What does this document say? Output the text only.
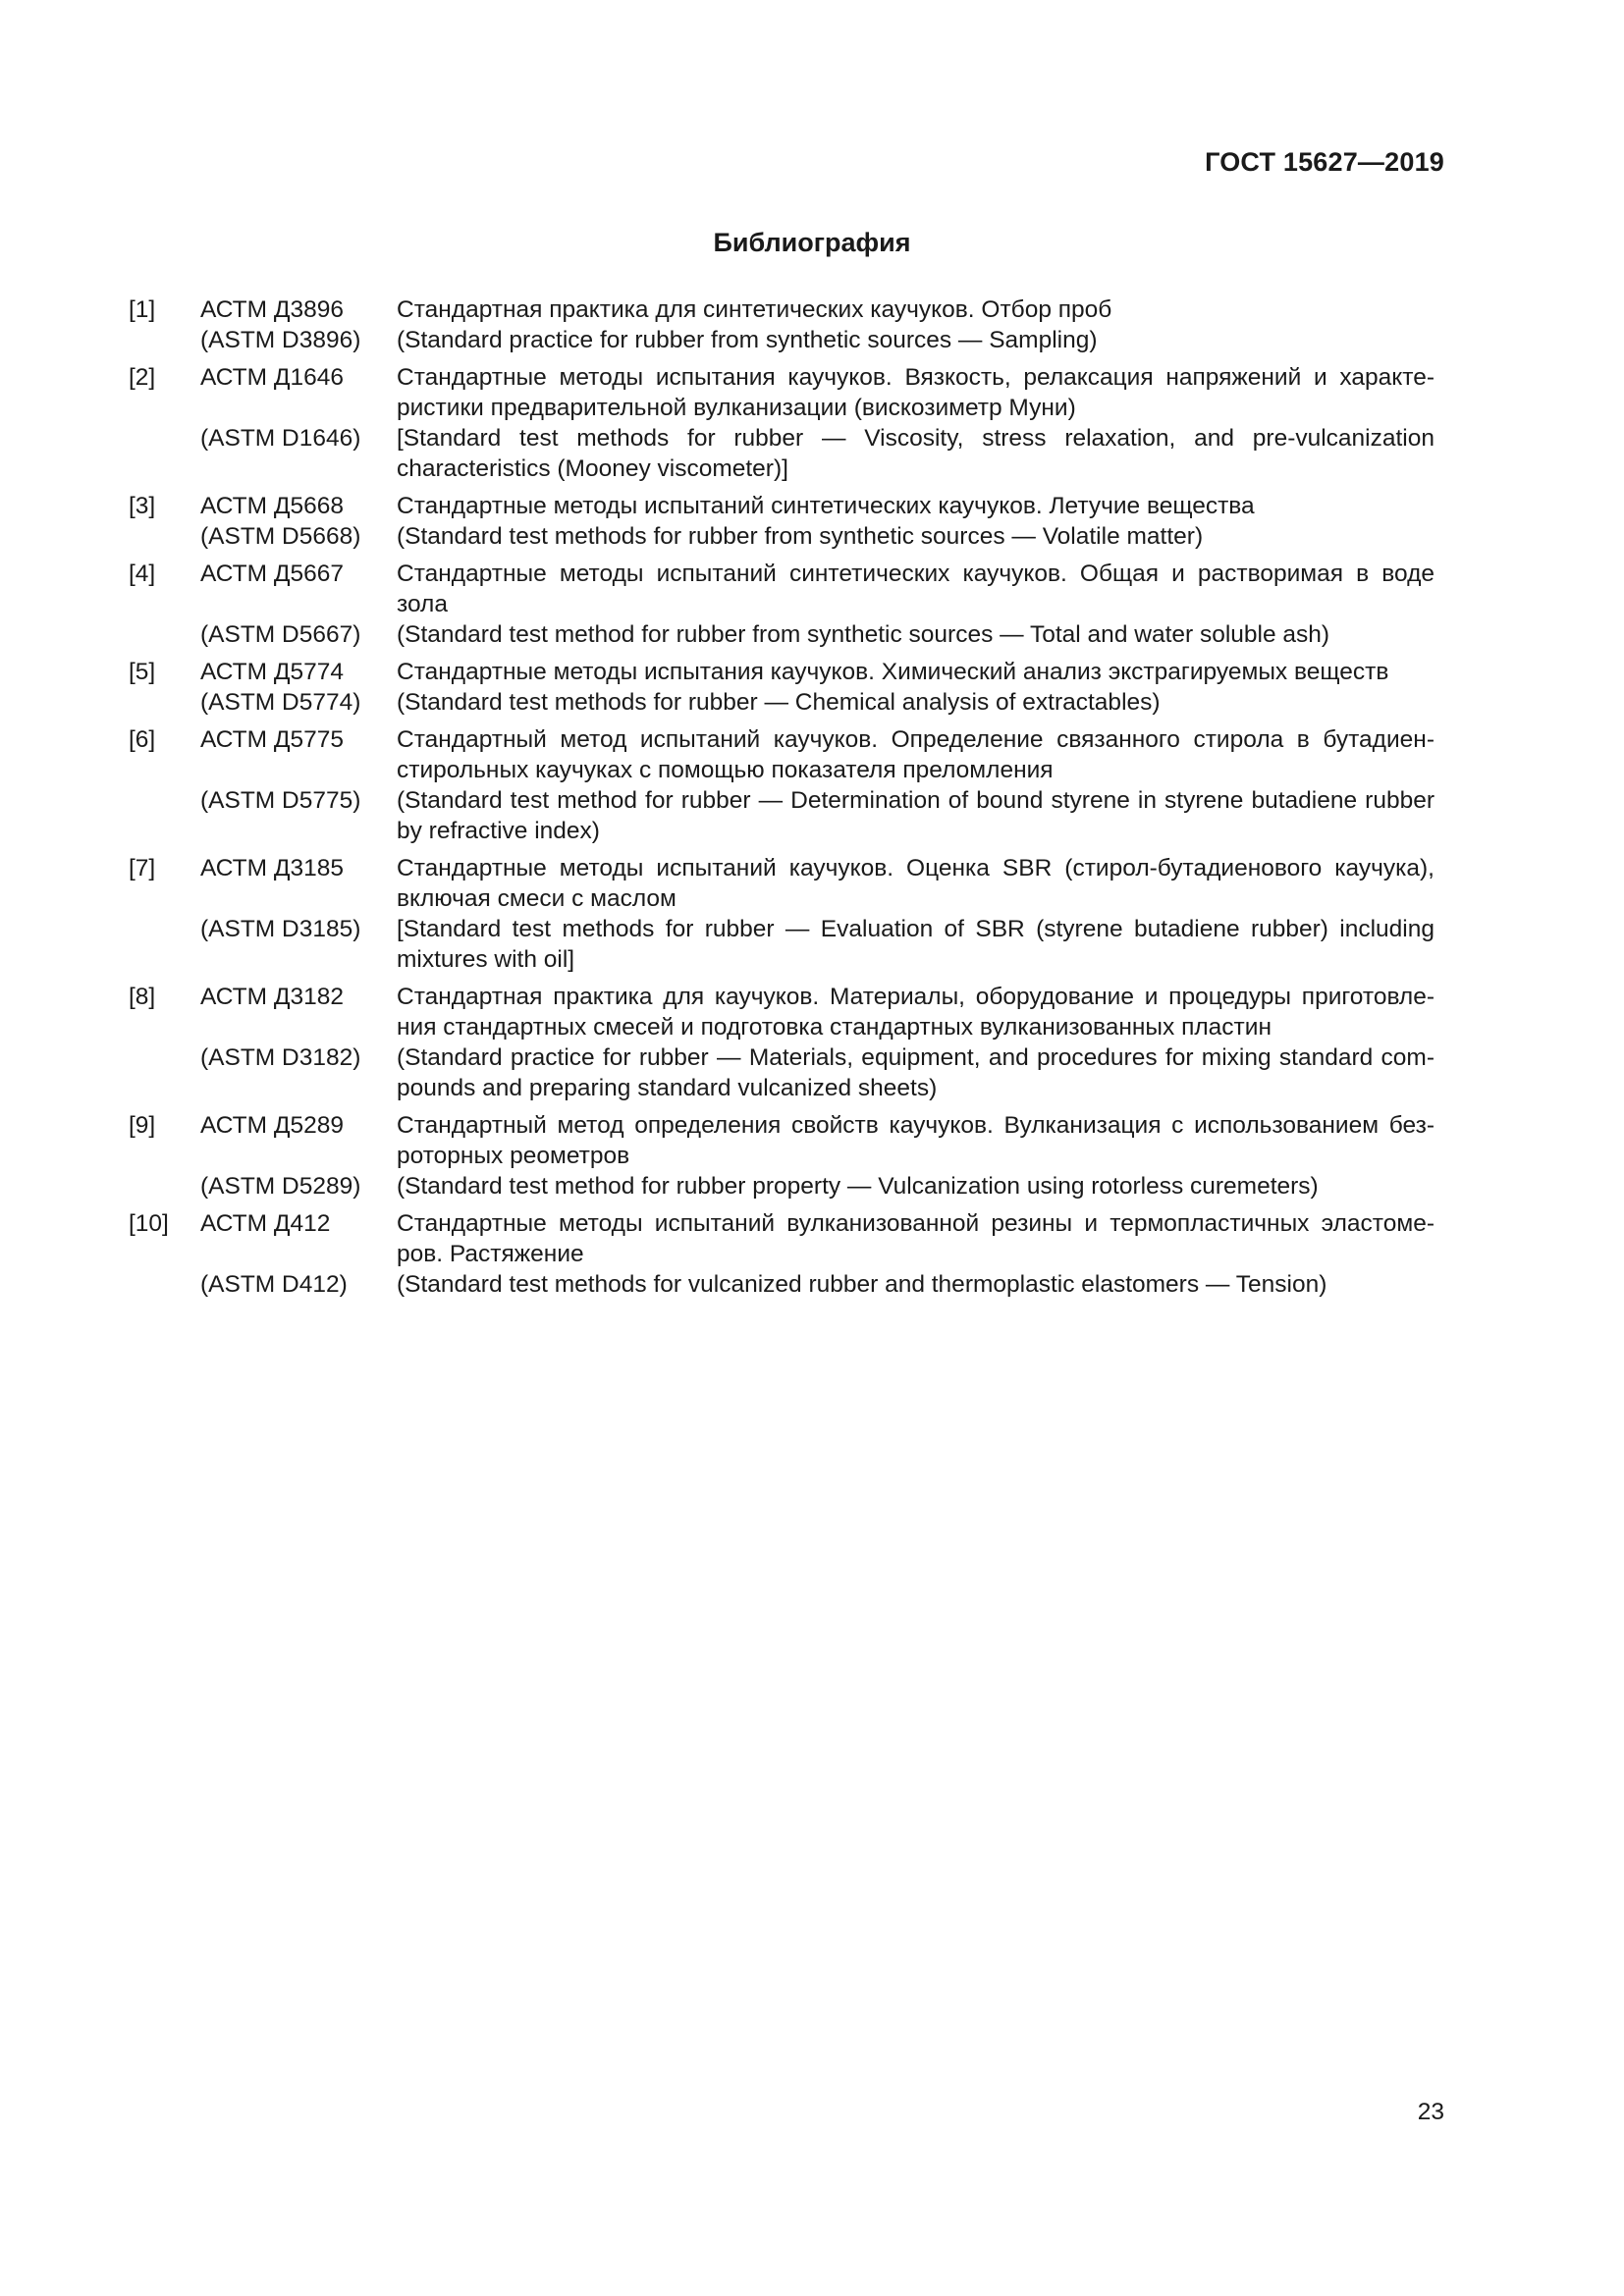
ГОСТ 15627—2019
Библиография
[1]	АСТМ Д3896	Стандартная практика для синтетических каучуков. Отбор проб
(ASTM D3896)	(Standard practice for rubber from synthetic sources — Sampling)
[2]	АСТМ Д1646	Стандартные методы испытания каучуков. Вязкость, релаксация напряжений и характеристики предварительной вулканизации (вискозиметр Муни)
(ASTM D1646)	[Standard test methods for rubber — Viscosity, stress relaxation, and pre-vulcanization characteristics (Mooney viscometer)]
[3]	АСТМ Д5668	Стандартные методы испытаний синтетических каучуков. Летучие вещества
(ASTM D5668)	(Standard test methods for rubber from synthetic sources — Volatile matter)
[4]	АСТМ Д5667	Стандартные методы испытаний синтетических каучуков. Общая и растворимая в воде зола
(ASTM D5667)	(Standard test method for rubber from synthetic sources — Total and water soluble ash)
[5]	АСТМ Д5774	Стандартные методы испытания каучуков. Химический анализ экстрагируемых веществ
(ASTM D5774)	(Standard test methods for rubber — Chemical analysis of extractables)
[6]	АСТМ Д5775	Стандартный метод испытаний каучуков. Определение связанного стирола в бутадиенстирольных каучуках с помощью показателя преломления
(ASTM D5775)	(Standard test method for rubber — Determination of bound styrene in styrene butadiene rubber by refractive index)
[7]	АСТМ Д3185	Стандартные методы испытаний каучуков. Оценка SBR (стирол-бутадиенового каучука), включая смеси с маслом
(ASTM D3185)	[Standard test methods for rubber — Evaluation of SBR (styrene butadiene rubber) including mixtures with oil]
[8]	АСТМ Д3182	Стандартная практика для каучуков. Материалы, оборудование и процедуры приготовления стандартных смесей и подготовка стандартных вулканизованных пластин
(ASTM D3182)	(Standard practice for rubber — Materials, equipment, and procedures for mixing standard compounds and preparing standard vulcanized sheets)
[9]	АСТМ Д5289	Стандартный метод определения свойств каучуков. Вулканизация с использованием безроторных реометров
(ASTM D5289)	(Standard test method for rubber property — Vulcanization using rotorless curemeters)
[10]	АСТМ Д412	Стандартные методы испытаний вулканизованной резины и термопластичных эластомеров. Растяжение
(ASTM D412)	(Standard test methods for vulcanized rubber and thermoplastic elastomers — Tension)
23
